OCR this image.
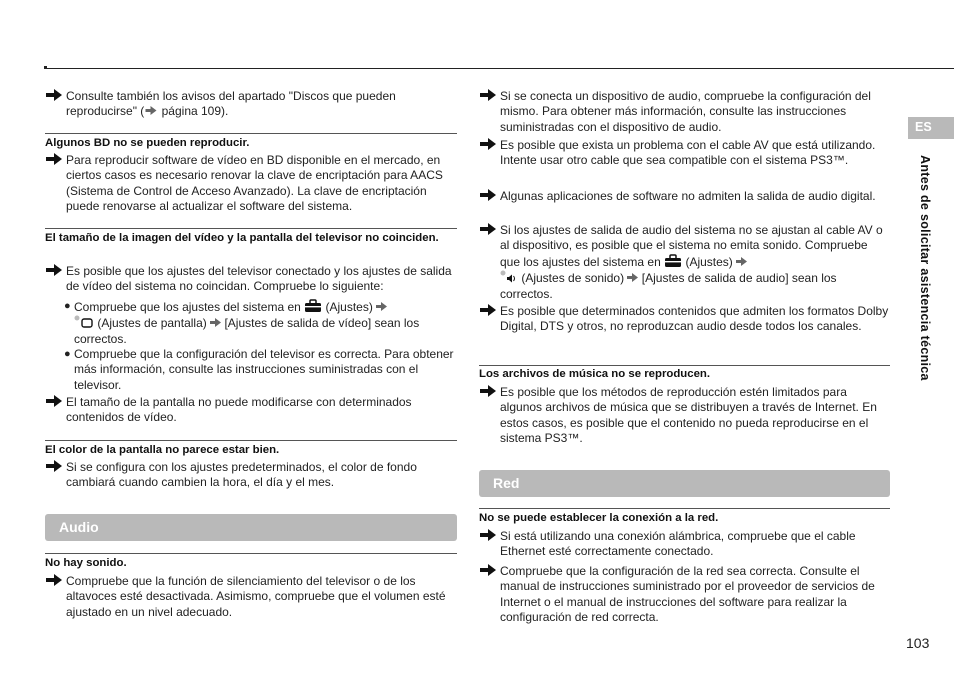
Consulte también los avisos del apartado "Discos que pueden reproducirse" ( página 109).
Algunos BD no se pueden reproducir.
Para reproducir software de vídeo en BD disponible en el mercado, en ciertos casos es necesario renovar la clave de encriptación para AACS (Sistema de Control de Acceso Avanzado). La clave de encriptación puede renovarse al actualizar el software del sistema.
El tamaño de la imagen del vídeo y la pantalla del televisor no coinciden.
Es posible que los ajustes del televisor conectado y los ajustes de salida de vídeo del sistema no coincidan. Compruebe lo siguiente:
● Compruebe que los ajustes del sistema en (Ajustes)
(Ajustes de pantalla) [Ajustes de salida de vídeo] sean los correctos.
● Compruebe que la configuración del televisor es correcta. Para obtener más información, consulte las instrucciones suministradas con el televisor.
El tamaño de la pantalla no puede modificarse con determinados contenidos de vídeo.
El color de la pantalla no parece estar bien.
Si se configura con los ajustes predeterminados, el color de fondo cambiará cuando cambien la hora, el día y el mes.
Audio
No hay sonido.
Compruebe que la función de silenciamiento del televisor o de los altavoces esté desactivada. Asimismo, compruebe que el volumen esté ajustado en un nivel adecuado.
Si se conecta un dispositivo de audio, compruebe la configuración del mismo. Para obtener más información, consulte las instrucciones suministradas con el dispositivo de audio.
Es posible que exista un problema con el cable AV que está utilizando. Intente usar otro cable que sea compatible con el sistema PS3™.
Algunas aplicaciones de software no admiten la salida de audio digital.
Si los ajustes de salida de audio del sistema no se ajustan al cable AV o al dispositivo, es posible que el sistema no emita sonido. Compruebe que los ajustes del sistema en (Ajustes)
(Ajustes de sonido) [Ajustes de salida de audio] sean los correctos.
Es posible que determinados contenidos que admiten los formatos Dolby Digital, DTS y otros, no reproduzcan audio desde todos los canales.
Los archivos de música no se reproducen.
Es posible que los métodos de reproducción estén limitados para algunos archivos de música que se distribuyen a través de Internet. En estos casos, es posible que el contenido no pueda reproducirse en el sistema PS3™.
Red
No se puede establecer la conexión a la red.
Si está utilizando una conexión alámbrica, compruebe que el cable Ethernet esté correctamente conectado.
Compruebe que la configuración de la red sea correcta. Consulte el manual de instrucciones suministrado por el proveedor de servicios de Internet o el manual de instrucciones del software para realizar la configuración de red correcta.
ES
Antes de solicitar asistencia técnica
103
